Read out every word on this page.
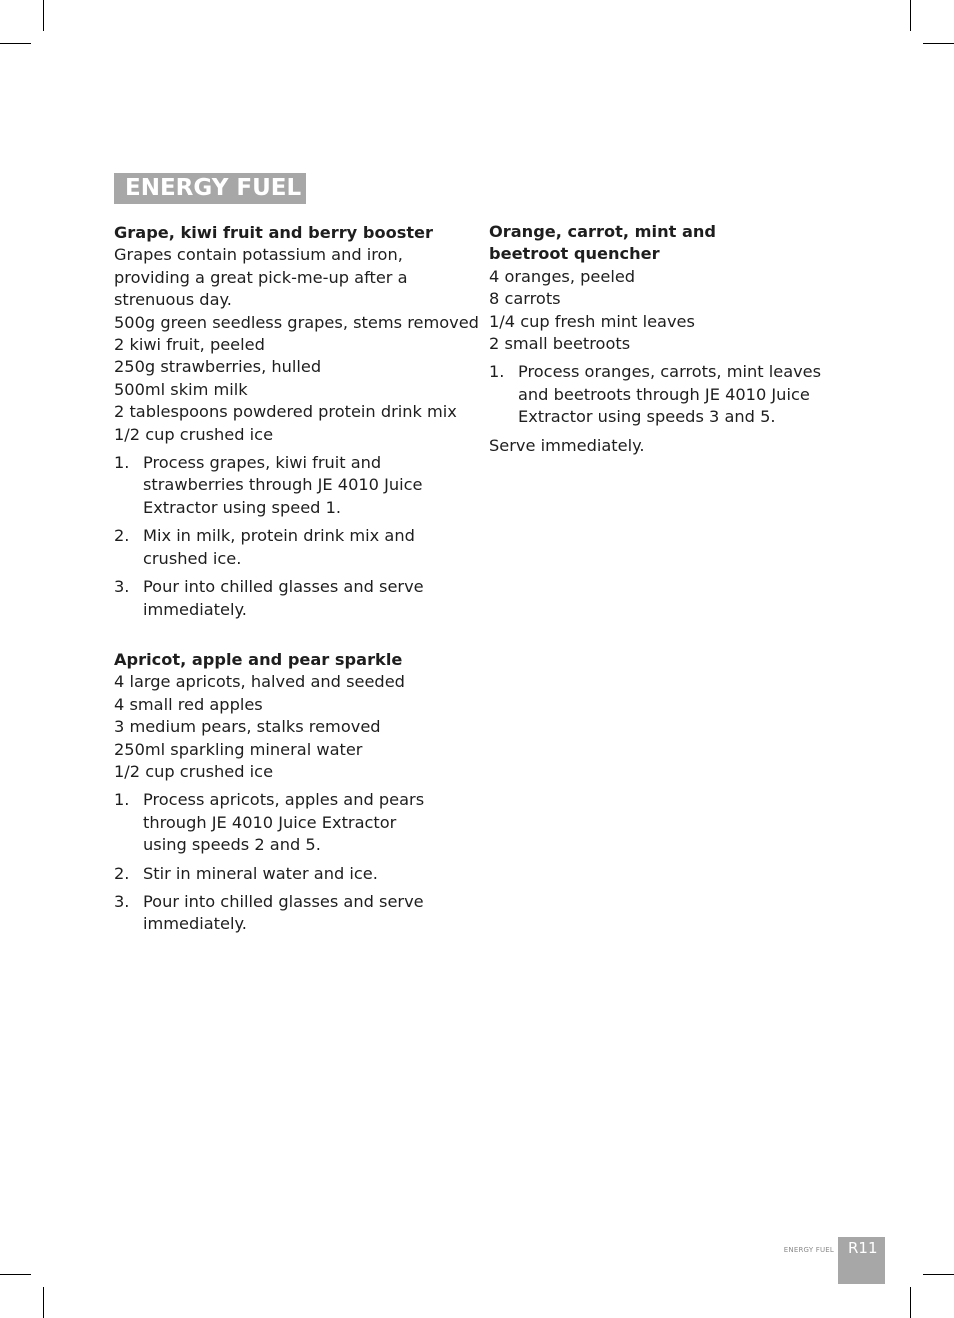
ENERGY FUEL

Grape, kiwi fruit and berry booster

Grapes contain potassium and iron,

providing a great pick-me-up after a

strenuous day.

500g green seedless grapes, stems removed

2 kiwi fruit, peeled

250g strawberries, hulled

500ml skim milk

2 tablespoons powdered protein drink mix

1/2 cup crushed ice

1. Process grapes, kiwi fruit and strawberries through JE 4010 Juice Extractor using speed 1.
2. Mix in milk, protein drink mix and crushed ice.
3. Pour into chilled glasses and serve immediately.

Apricot, apple and pear sparkle

4 large apricots, halved and seeded

4 small red apples

3 medium pears, stalks removed

250ml sparkling mineral water

1/2 cup crushed ice

1. Process apricots, apples and pears through JE 4010 Juice Extractor using speeds 2 and 5.
2. Stir in mineral water and ice.
3. Pour into chilled glasses and serve immediately.

Orange, carrot, mint and beetroot quencher

4 oranges, peeled

8 carrots

1/4 cup fresh mint leaves

2 small beetroots

1. Process oranges, carrots, mint leaves and beetroots through JE 4010 Juice Extractor using speeds 3 and 5.

Serve immediately.

ENERGY FUEL R11
